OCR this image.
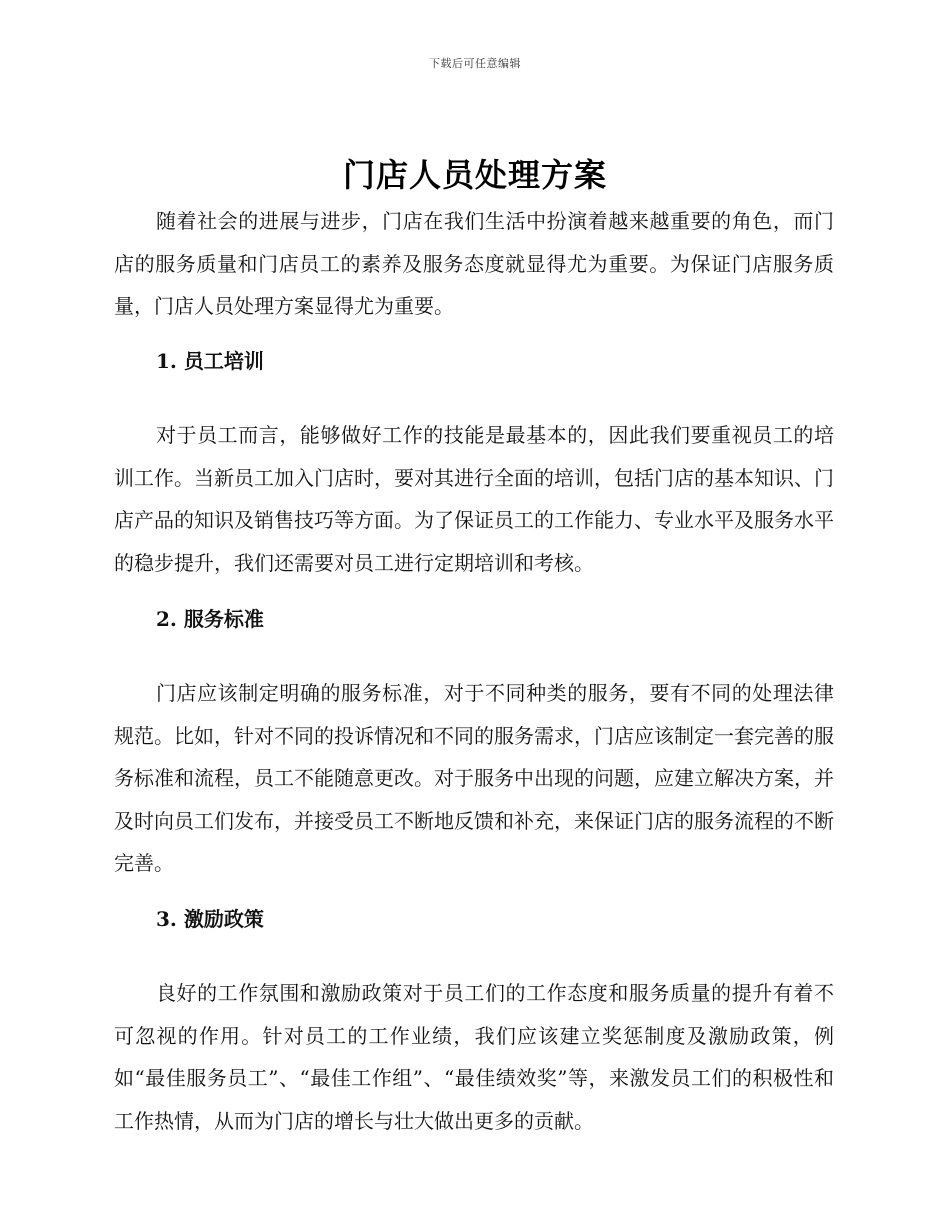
下载后可任意编辑
门店人员处理方案

随着社会的进展与进步，门店在我们生活中扮演着越来越重要的角色，而门店的服务质量和门店员工的素养及服务态度就显得尤为重要。为保证门店服务质量，门店人员处理方案显得尤为重要。

1. 员工培训

对于员工而言，能够做好工作的技能是最基本的，因此我们要重视员工的培训工作。当新员工加入门店时，要对其进行全面的培训，包括门店的基本知识、门店产品的知识及销售技巧等方面。为了保证员工的工作能力、专业水平及服务水平的稳步提升，我们还需要对员工进行定期培训和考核。

2. 服务标准

门店应该制定明确的服务标准，对于不同种类的服务，要有不同的处理法律规范。比如，针对不同的投诉情况和不同的服务需求，门店应该制定一套完善的服务标准和流程，员工不能随意更改。对于服务中出现的问题，应建立解决方案，并及时向员工们发布，并接受员工不断地反馈和补充，来保证门店的服务流程的不断完善。

3. 激励政策

良好的工作氛围和激励政策对于员工们的工作态度和服务质量的提升有着不可忽视的作用。针对员工的工作业绩，我们应该建立奖惩制度及激励政策，例如“最佳服务员工”、“最佳工作组”、“最佳绩效奖”等，来激发员工们的积极性和工作热情，从而为门店的增长与壮大做出更多的贡献。
